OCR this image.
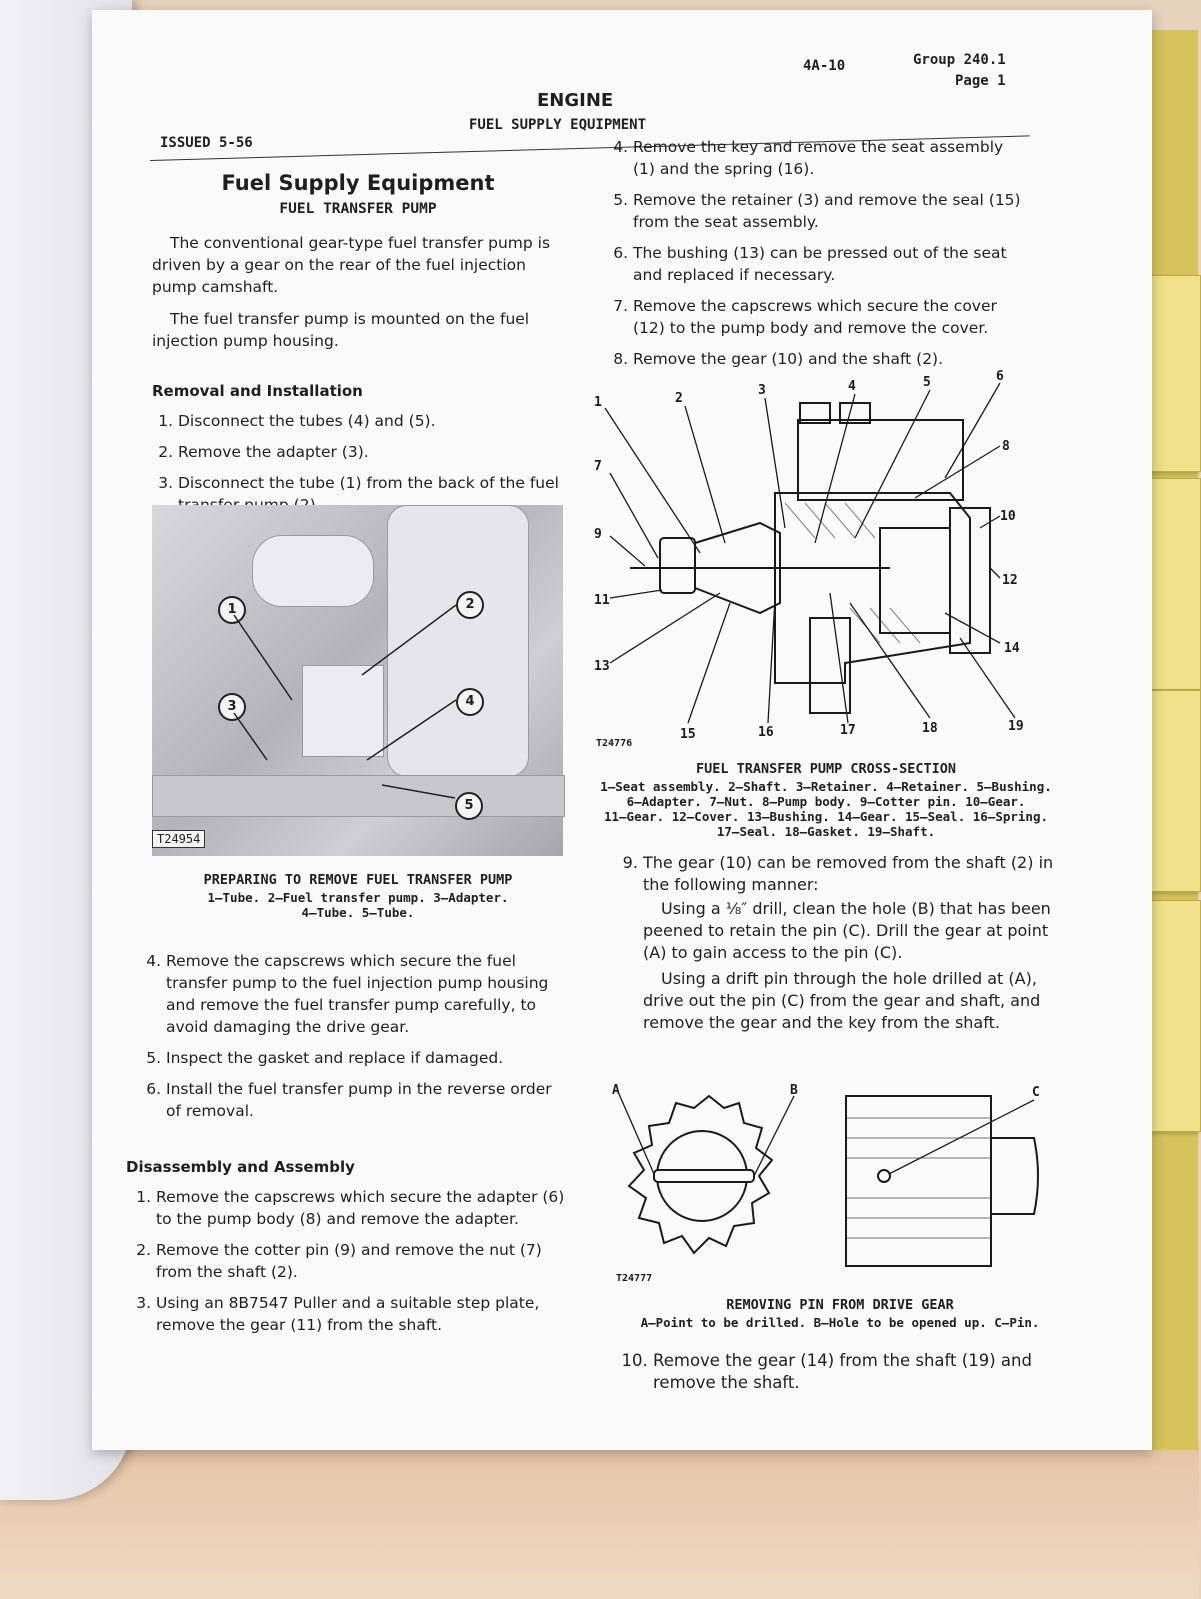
4A-10	Group 240.1
Page 1
ENGINE
FUEL SUPPLY EQUIPMENT
ISSUED 5-56
Fuel Supply Equipment
FUEL TRANSFER PUMP

The conventional gear-type fuel transfer pump is driven by a gear on the rear of the fuel injection pump camshaft.

The fuel transfer pump is mounted on the fuel injection pump housing.

Removal and Installation
1. Disconnect the tubes (4) and (5).
2. Remove the adapter (3).
3. Disconnect the tube (1) from the back of the fuel
T24954
1	2
3	4
5
PREPARING TO REMOVE FUEL TRANSFER PUMP
1–Tube. 2–Fuel transfer pump. 3–Adapter.
4–Tube. 5–Tube.
4. Remove the capscrews which secure the fuel transfer pump to the fuel injection pump housing and remove the fuel transfer pump carefully, to avoid damaging the drive gear.
5. Inspect the gasket and replace if damaged.
6. Install the fuel transfer pump in the reverse order of removal.
Disassembly and Assembly
1. Remove the capscrews which secure the adapter (6) to the pump body (8) and remove the adapter.
2. Remove the cotter pin (9) and remove the nut (7) from the shaft (2).
3. Using an 8B7547 Puller and a suitable step plate, remove the gear (11) from the shaft.
4. Remove the key and remove the seat assembly (1) and the spring (16).
5. Remove the retainer (3) and remove the seal (15) from the seat assembly.
6. The bushing (13) can be pressed out of the seat and replaced if necessary.
7. Remove the capscrews which secure the cover (12) to the pump body and remove the cover.
8. Remove the gear (10) and the shaft (2).
1	2
3	4	5	6
7
8
9
10
11
12
13
14
15	16	17	18	19
T24776
FUEL TRANSFER PUMP CROSS-SECTION
1–Seat assembly. 2–Shaft. 3–Retainer. 4–Retainer. 5–Bushing.
6–Adapter. 7–Nut. 8–Pump body. 9–Cotter pin. 10–Gear.
11–Gear. 12–Cover. 13–Bushing. 14–Gear. 15–Seal. 16–Spring.
17–Seal. 18–Gasket. 19–Shaft.
9. The gear (10) can be removed from the shaft (2) in the following manner:

Using a ⅛″ drill, clean the hole (B) that has been peened to retain the pin (C). Drill the gear at point (A) to gain access to the pin (C).

Using a drift pin through the hole drilled at (A), drive out the pin (C) from the gear and shaft, and remove the gear and the key from the shaft.

A	B	C
T24777
REMOVING PIN FROM DRIVE GEAR
A–Point to be drilled. B–Hole to be opened up. C–Pin.
10. Remove the gear (14) from the shaft (19) and remove the shaft.
